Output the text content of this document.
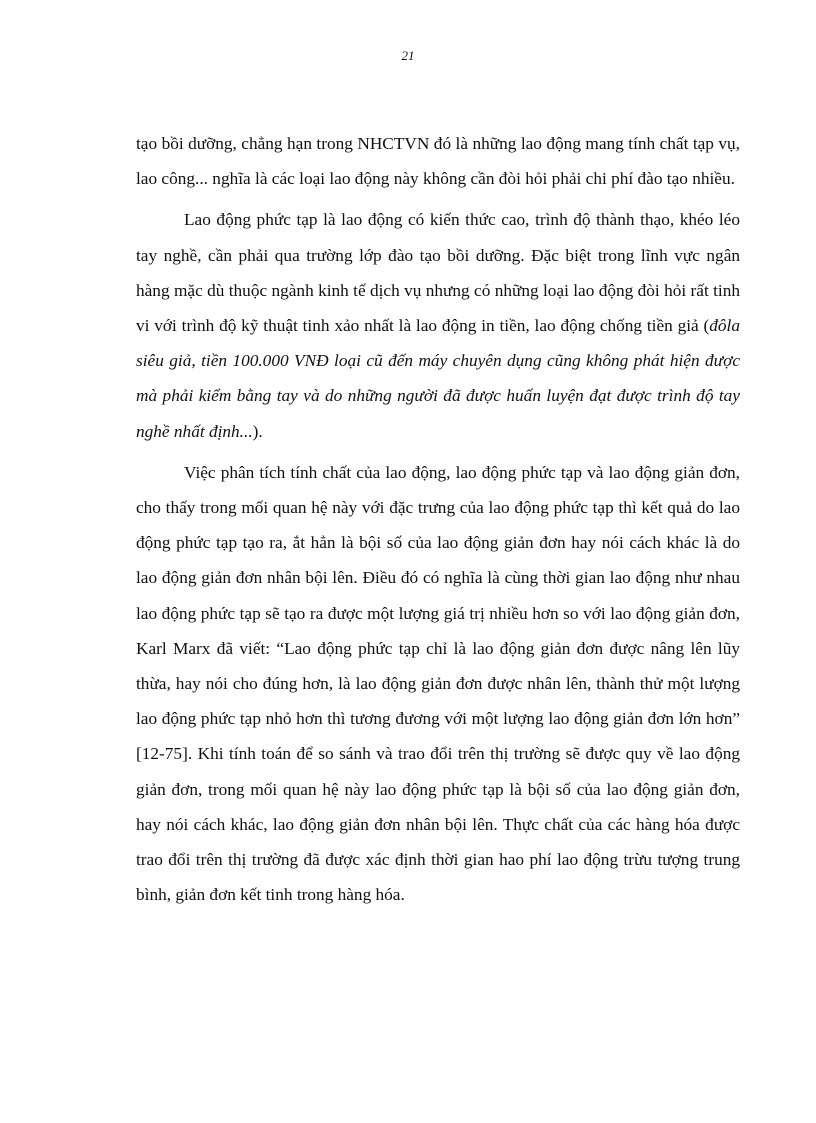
21

tạo bồi dưỡng, chẳng hạn trong NHCTVN đó là những lao động mang tính chất tạp vụ, lao công... nghĩa là các loại lao động này không cần đòi hỏi phải chi phí đào tạo nhiều.

Lao động phức tạp là lao động có kiến thức cao, trình độ thành thạo, khéo léo tay nghề, cần phải qua trường lớp đào tạo bồi dưỡng. Đặc biệt trong lĩnh vực ngân hàng mặc dù thuộc ngành kinh tế dịch vụ nhưng có những loại lao động đòi hỏi rất tinh vi với trình độ kỹ thuật tinh xảo nhất là lao động in tiền, lao động chống tiền giả (đôla siêu giả, tiền 100.000 VNĐ loại cũ đến máy chuyên dụng cũng không phát hiện được mà phải kiểm bằng tay và do những người đã được huấn luyện đạt được trình độ tay nghề nhất định...).

Việc phân tích tính chất của lao động, lao động phức tạp và lao động giản đơn, cho thấy trong mối quan hệ này với đặc trưng của lao động phức tạp thì kết quả do lao động phức tạp tạo ra, ắt hẳn là bội số của lao động giản đơn hay nói cách khác là do lao động giản đơn nhân bội lên. Điều đó có nghĩa là cùng thời gian lao động như nhau lao động phức tạp sẽ tạo ra được một lượng giá trị nhiều hơn so với lao động giản đơn, Karl Marx đã viết: “Lao động phức tạp chỉ là lao động giản đơn được nâng lên lũy thừa, hay nói cho đúng hơn, là lao động giản đơn được nhân lên, thành thử một lượng lao động phức tạp nhỏ hơn thì tương đương với một lượng lao động giản đơn lớn hơn” [12-75]. Khi tính toán để so sánh và trao đổi trên thị trường sẽ được quy về lao động giản đơn, trong mối quan hệ này lao động phức tạp là bội số của lao động giản đơn, hay nói cách khác, lao động giản đơn nhân bội lên. Thực chất của các hàng hóa được trao đổi trên thị trường đã được xác định thời gian hao phí lao động trừu tượng trung bình, giản đơn kết tinh trong hàng hóa.
